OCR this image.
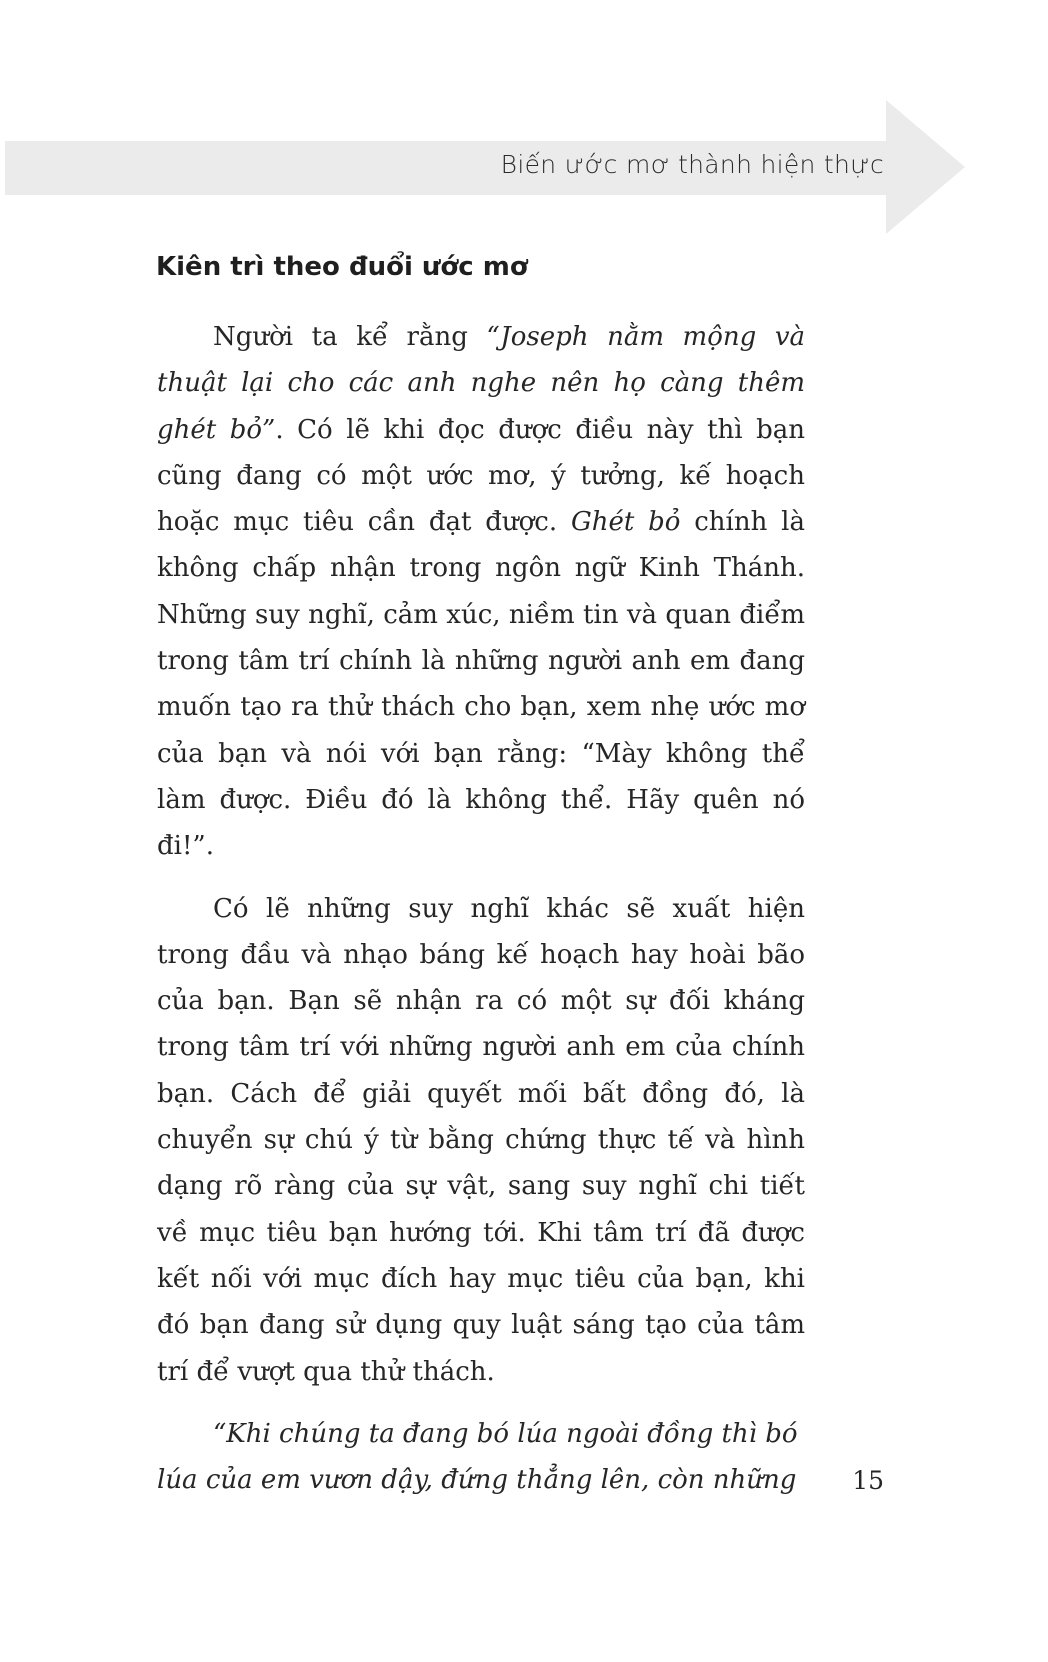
Biến ước mơ thành hiện thực
Kiên trì theo đuổi ước mơ

Người ta kể rằng “Joseph nằm mộng và thuật lại cho các anh nghe nên họ càng thêm ghét bỏ”. Có lẽ khi đọc được điều này thì bạn cũng đang có một ước mơ, ý tưởng, kế hoạch hoặc mục tiêu cần đạt được. Ghét bỏ chính là không chấp nhận trong ngôn ngữ Kinh Thánh. Những suy nghĩ, cảm xúc, niềm tin và quan điểm trong tâm trí chính là những người anh em đang muốn tạo ra thử thách cho bạn, xem nhẹ ước mơ của bạn và nói với bạn rằng: “Mày không thể làm được. Điều đó là không thể. Hãy quên nó đi!”.

Có lẽ những suy nghĩ khác sẽ xuất hiện trong đầu và nhạo báng kế hoạch hay hoài bão của bạn. Bạn sẽ nhận ra có một sự đối kháng trong tâm trí với những người anh em của chính bạn. Cách để giải quyết mối bất đồng đó, là chuyển sự chú ý từ bằng chứng thực tế và hình dạng rõ ràng của sự vật, sang suy nghĩ chi tiết về mục tiêu bạn hướng tới. Khi tâm trí đã được kết nối với mục đích hay mục tiêu của bạn, khi đó bạn đang sử dụng quy luật sáng tạo của tâm trí để vượt qua thử thách.

“Khi chúng ta đang bó lúa ngoài đồng thì bó lúa của em vươn dậy, đứng thẳng lên, còn những	15
